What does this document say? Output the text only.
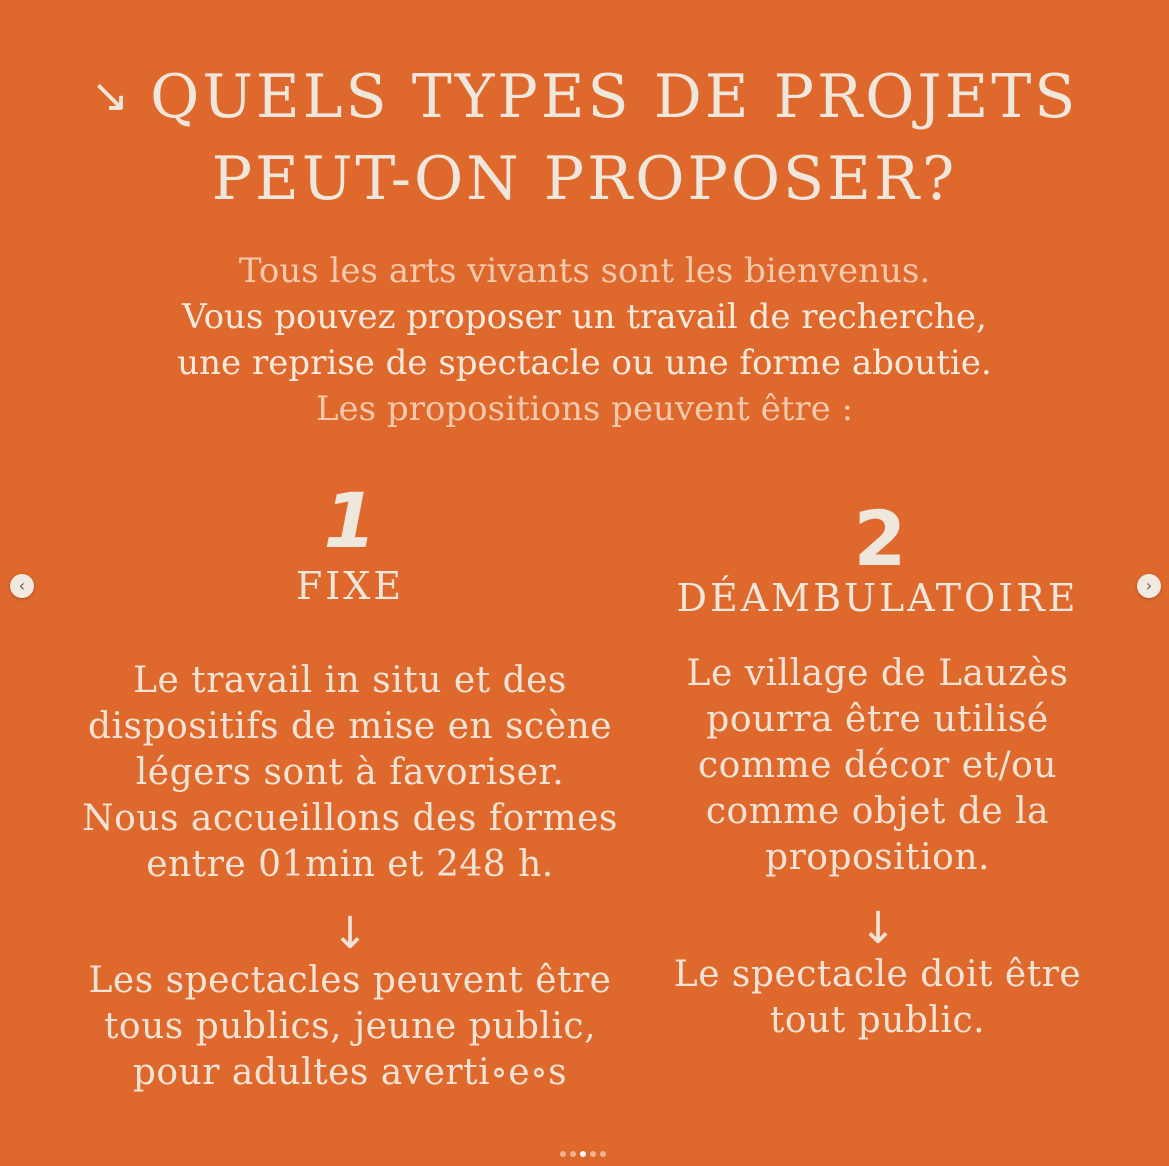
↘ QUELS TYPES DE PROJETS
PEUT-ON PROPOSER?
Tous les arts vivants sont les bienvenus.
Vous pouvez proposer un travail de recherche,
une reprise de spectacle ou une forme aboutie.
Les propositions peuvent être :
1
FIXE
Le travail in situ et des
dispositifs de mise en scène
légers sont à favoriser.
Nous accueillons des formes
entre 01min et 248 h.
↓
Les spectacles peuvent être
tous publics, jeune public,
pour adultes averti∘e∘s
2
DÉAMBULATOIRE
Le village de Lauzès
pourra être utilisé
comme décor et/ou
comme objet de la
proposition.
↓
Le spectacle doit être
tout public.
‹	›
